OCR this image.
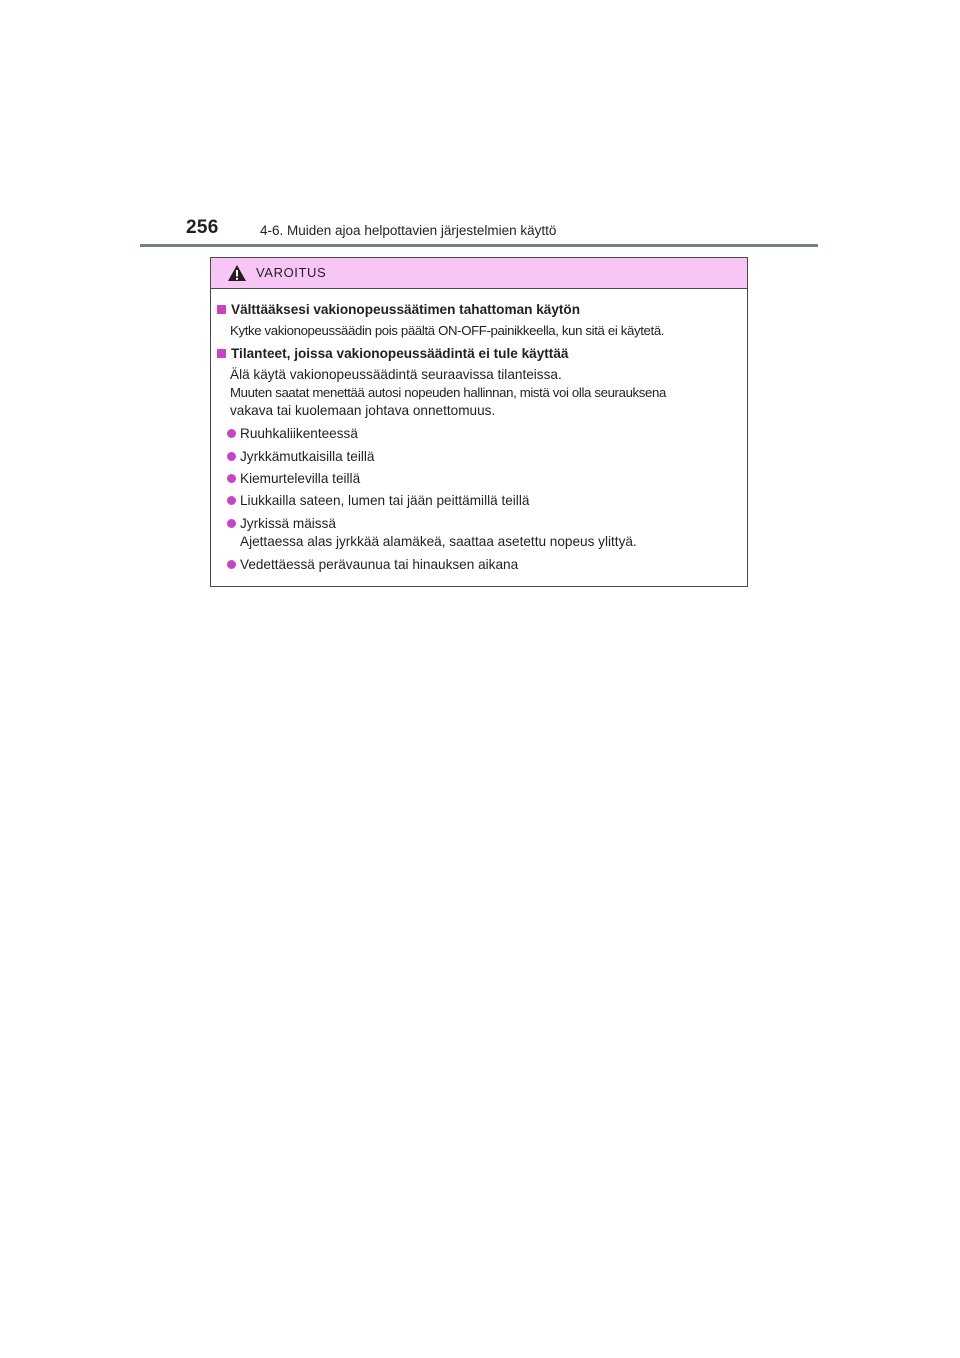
256	4-6. Muiden ajoa helpottavien järjestelmien käyttö
VAROITUS
Välttääksesi vakionopeussäätimen tahattoman käytön
Kytke vakionopeussäädin pois päältä ON-OFF-painikkeella, kun sitä ei käytetä.
Tilanteet, joissa vakionopeussäädintä ei tule käyttää
Älä käytä vakionopeussäädintä seuraavissa tilanteissa.
Muuten saatat menettää autosi nopeuden hallinnan, mistä voi olla seurauksena
vakava tai kuolemaan johtava onnettomuus.
Ruuhkaliikenteessä
Jyrkkämutkaisilla teillä
Kiemurtelevilla teillä
Liukkailla sateen, lumen tai jään peittämillä teillä
Jyrkissä mäissä
Ajettaessa alas jyrkkää alamäkeä, saattaa asetettu nopeus ylittyä.
Vedettäessä perävaunua tai hinauksen aikana
